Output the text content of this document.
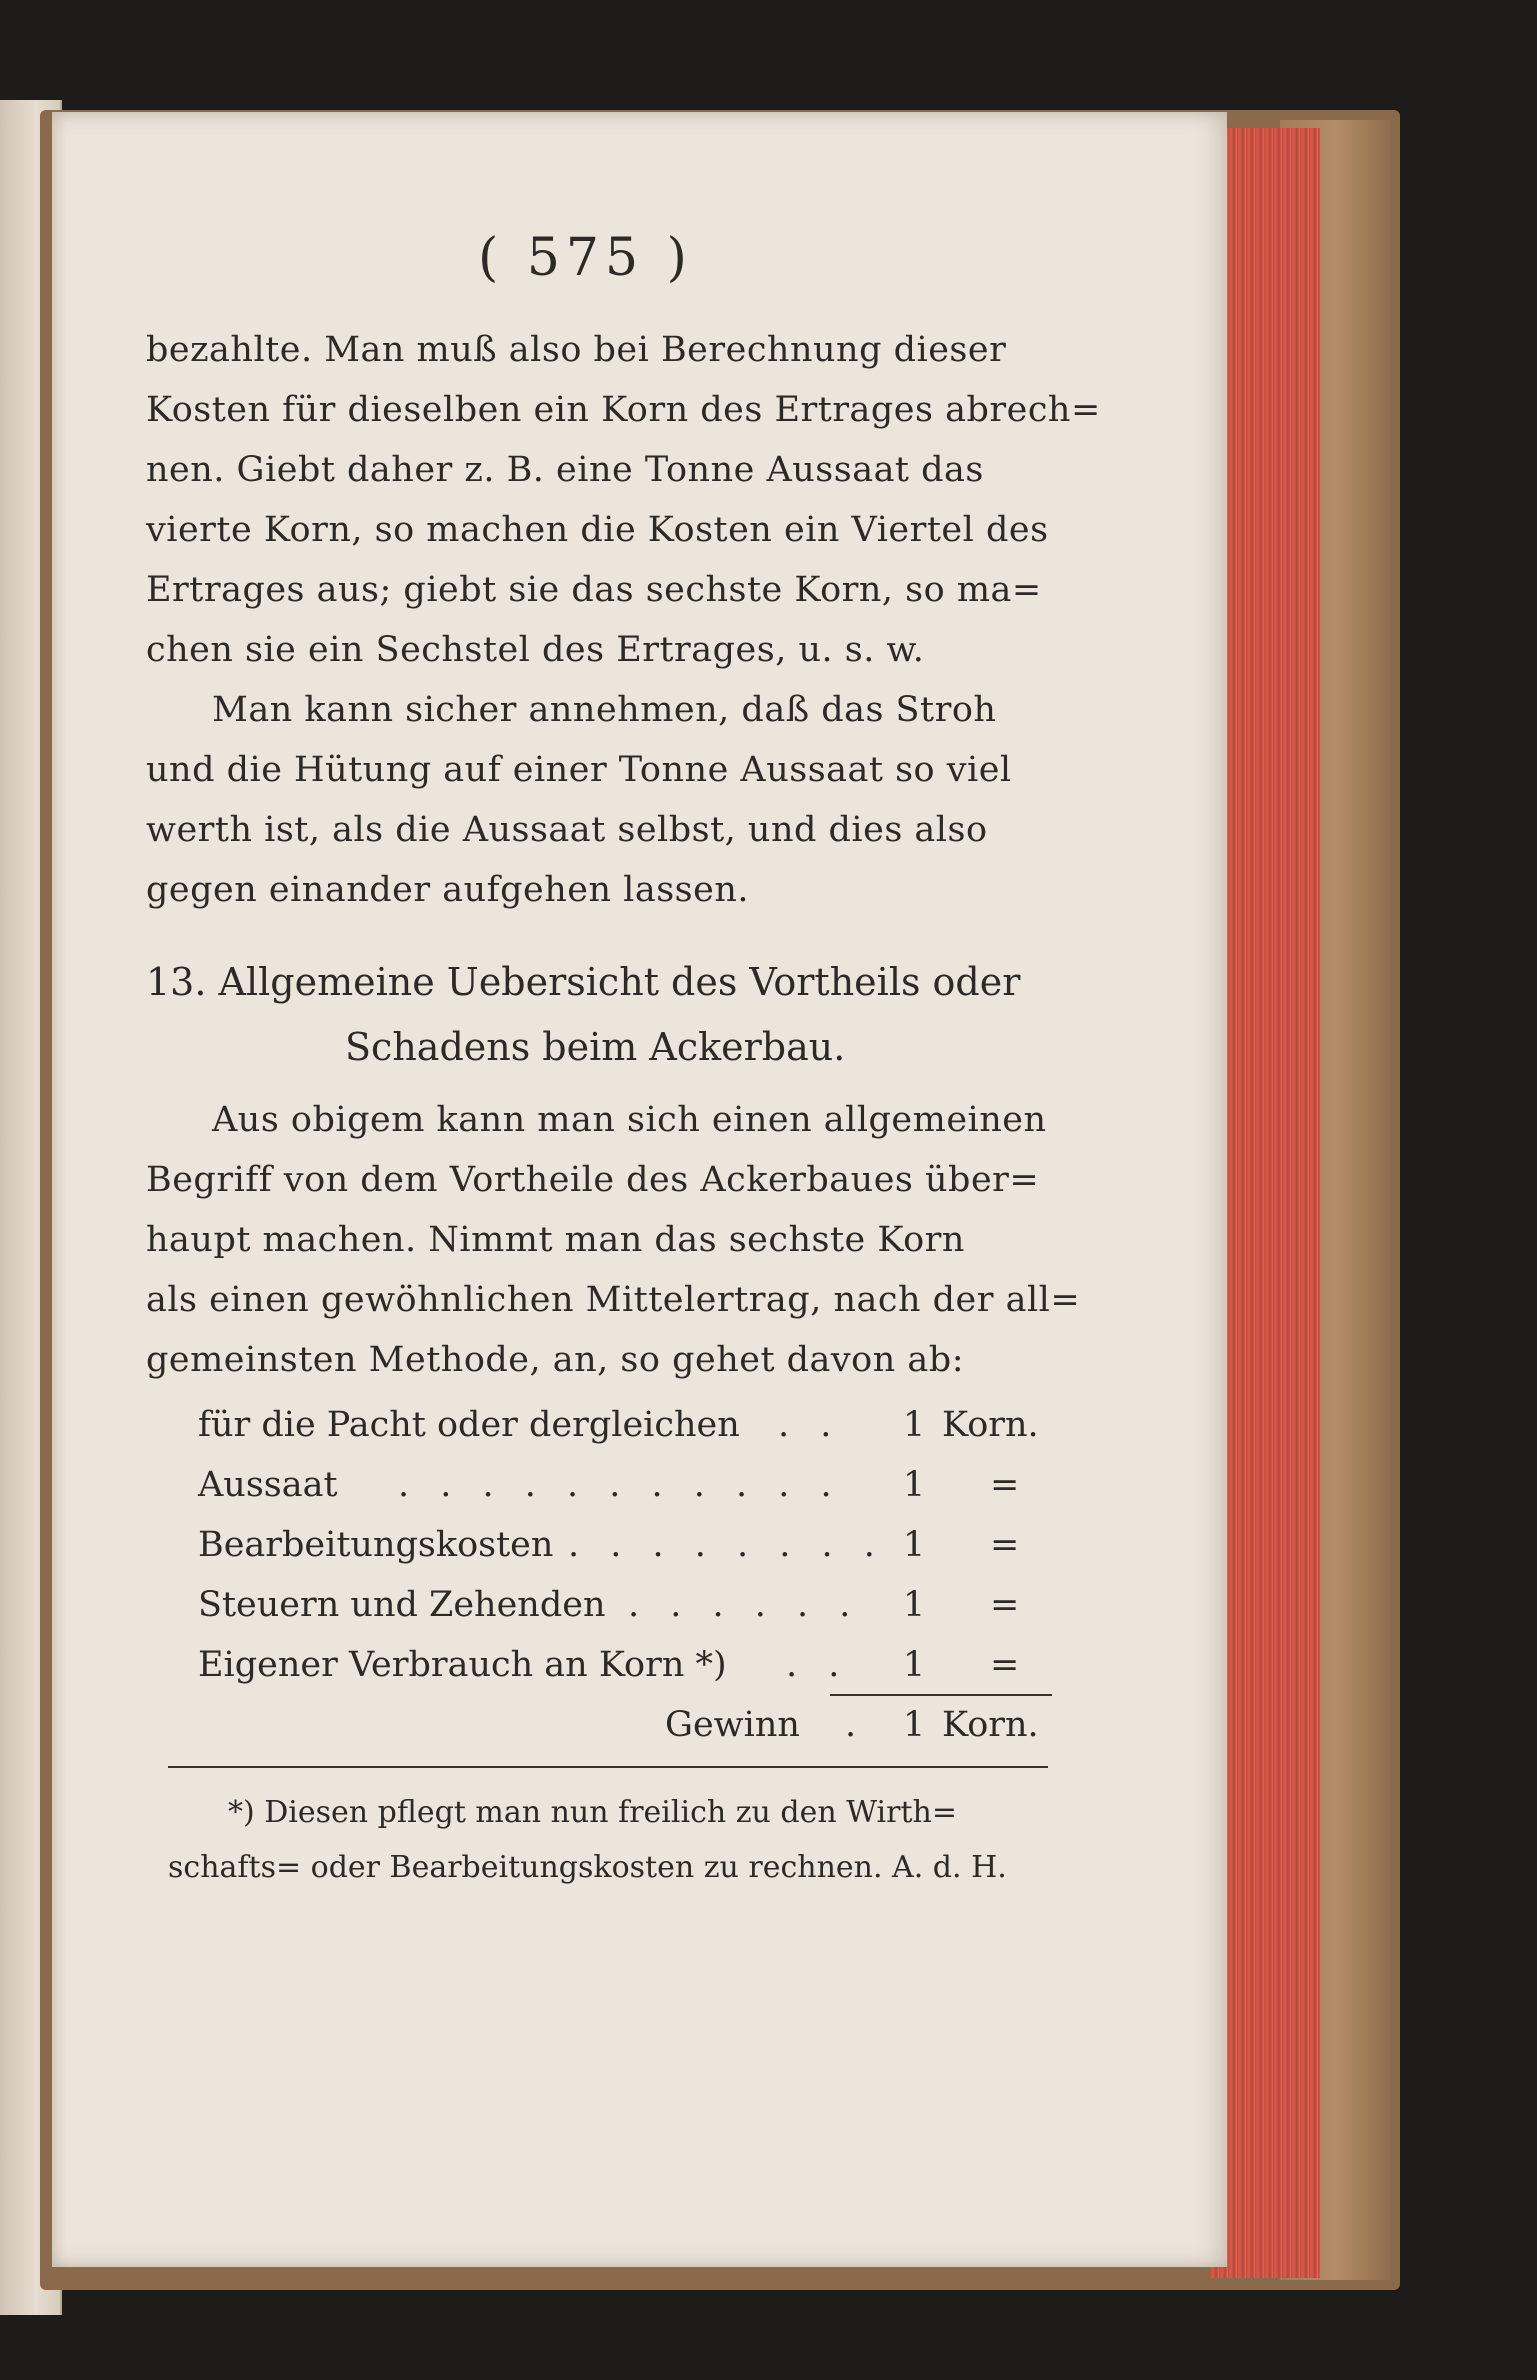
( 575 )
bezahlte. Man muß also bei Berechnung dieser
Kosten für dieselben ein Korn des Ertrages abrech=
nen. Giebt daher z. B. eine Tonne Aussaat das
vierte Korn, so machen die Kosten ein Viertel des
Ertrages aus; giebt sie das sechste Korn, so ma=
chen sie ein Sechstel des Ertrages, u. s. w.
Man kann sicher annehmen, daß das Stroh
und die Hütung auf einer Tonne Aussaat so viel
werth ist, als die Aussaat selbst, und dies also
gegen einander aufgehen lassen.
13. Allgemeine Uebersicht des Vortheils oder
Schadens beim Ackerbau.
Aus obigem kann man sich einen allgemeinen
Begriff von dem Vortheile des Ackerbaues über=
haupt machen. Nimmt man das sechste Korn
als einen gewöhnlichen Mittelertrag, nach der all=
gemeinsten Methode, an, so gehet davon ab:
für die Pacht oder dergleichen . . 1 Korn.
Aussaat . . . . . . . . . . . 1 =
Bearbeitungskosten . . . . . . . . 1 =
Steuern und Zehenden . . . . . . 1 =
Eigener Verbrauch an Korn *) . . 1 =
Gewinn . 1 Korn.
*) Diesen pflegt man nun freilich zu den Wirth=
schafts= oder Bearbeitungskosten zu rechnen. A. d. H.
